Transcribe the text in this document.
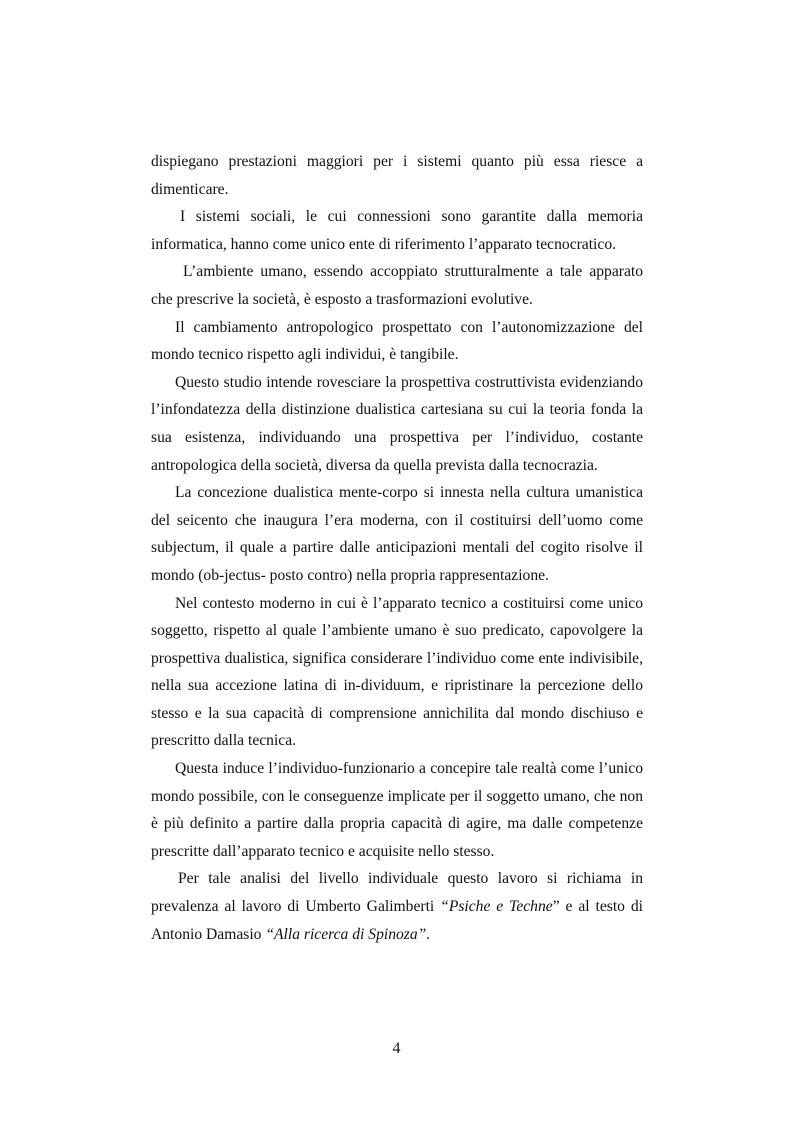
dispiegano prestazioni maggiori per i sistemi quanto più essa riesce a dimenticare.

I sistemi sociali, le cui connessioni sono garantite dalla memoria informatica, hanno come unico ente di riferimento l’apparato tecnocratico.

L’ambiente umano, essendo accoppiato strutturalmente a tale apparato che prescrive la società, è esposto a trasformazioni evolutive.

Il cambiamento antropologico prospettato con l’autonomizzazione del mondo tecnico rispetto agli individui, è tangibile.

Questo studio intende rovesciare la prospettiva costruttivista evidenziando l’infondatezza della distinzione dualistica cartesiana su cui la teoria fonda la sua esistenza, individuando una prospettiva per l’individuo, costante antropologica della società, diversa da quella prevista dalla tecnocrazia.

La concezione dualistica mente-corpo si innesta nella cultura umanistica del seicento che inaugura l’era moderna, con il costituirsi dell’uomo come subjectum, il quale a partire dalle anticipazioni mentali del cogito risolve il mondo (ob-jectus- posto contro) nella propria rappresentazione.

Nel contesto moderno in cui è l’apparato tecnico a costituirsi come unico soggetto, rispetto al quale l’ambiente umano è suo predicato, capovolgere la prospettiva dualistica, significa considerare l’individuo come ente indivisibile, nella sua accezione latina di in-dividuum, e ripristinare la percezione dello stesso e la sua capacità di comprensione annichilita dal mondo dischiuso e prescritto dalla tecnica.

Questa induce l’individuo-funzionario a concepire tale realtà come l’unico mondo possibile, con le conseguenze implicate per il soggetto umano, che non è più definito a partire dalla propria capacità di agire, ma dalle competenze prescritte dall’apparato tecnico e acquisite nello stesso.

Per tale analisi del livello individuale questo lavoro si richiama in prevalenza al lavoro di Umberto Galimberti “Psiche e Techne” e al testo di Antonio Damasio “Alla ricerca di Spinoza”.

4
